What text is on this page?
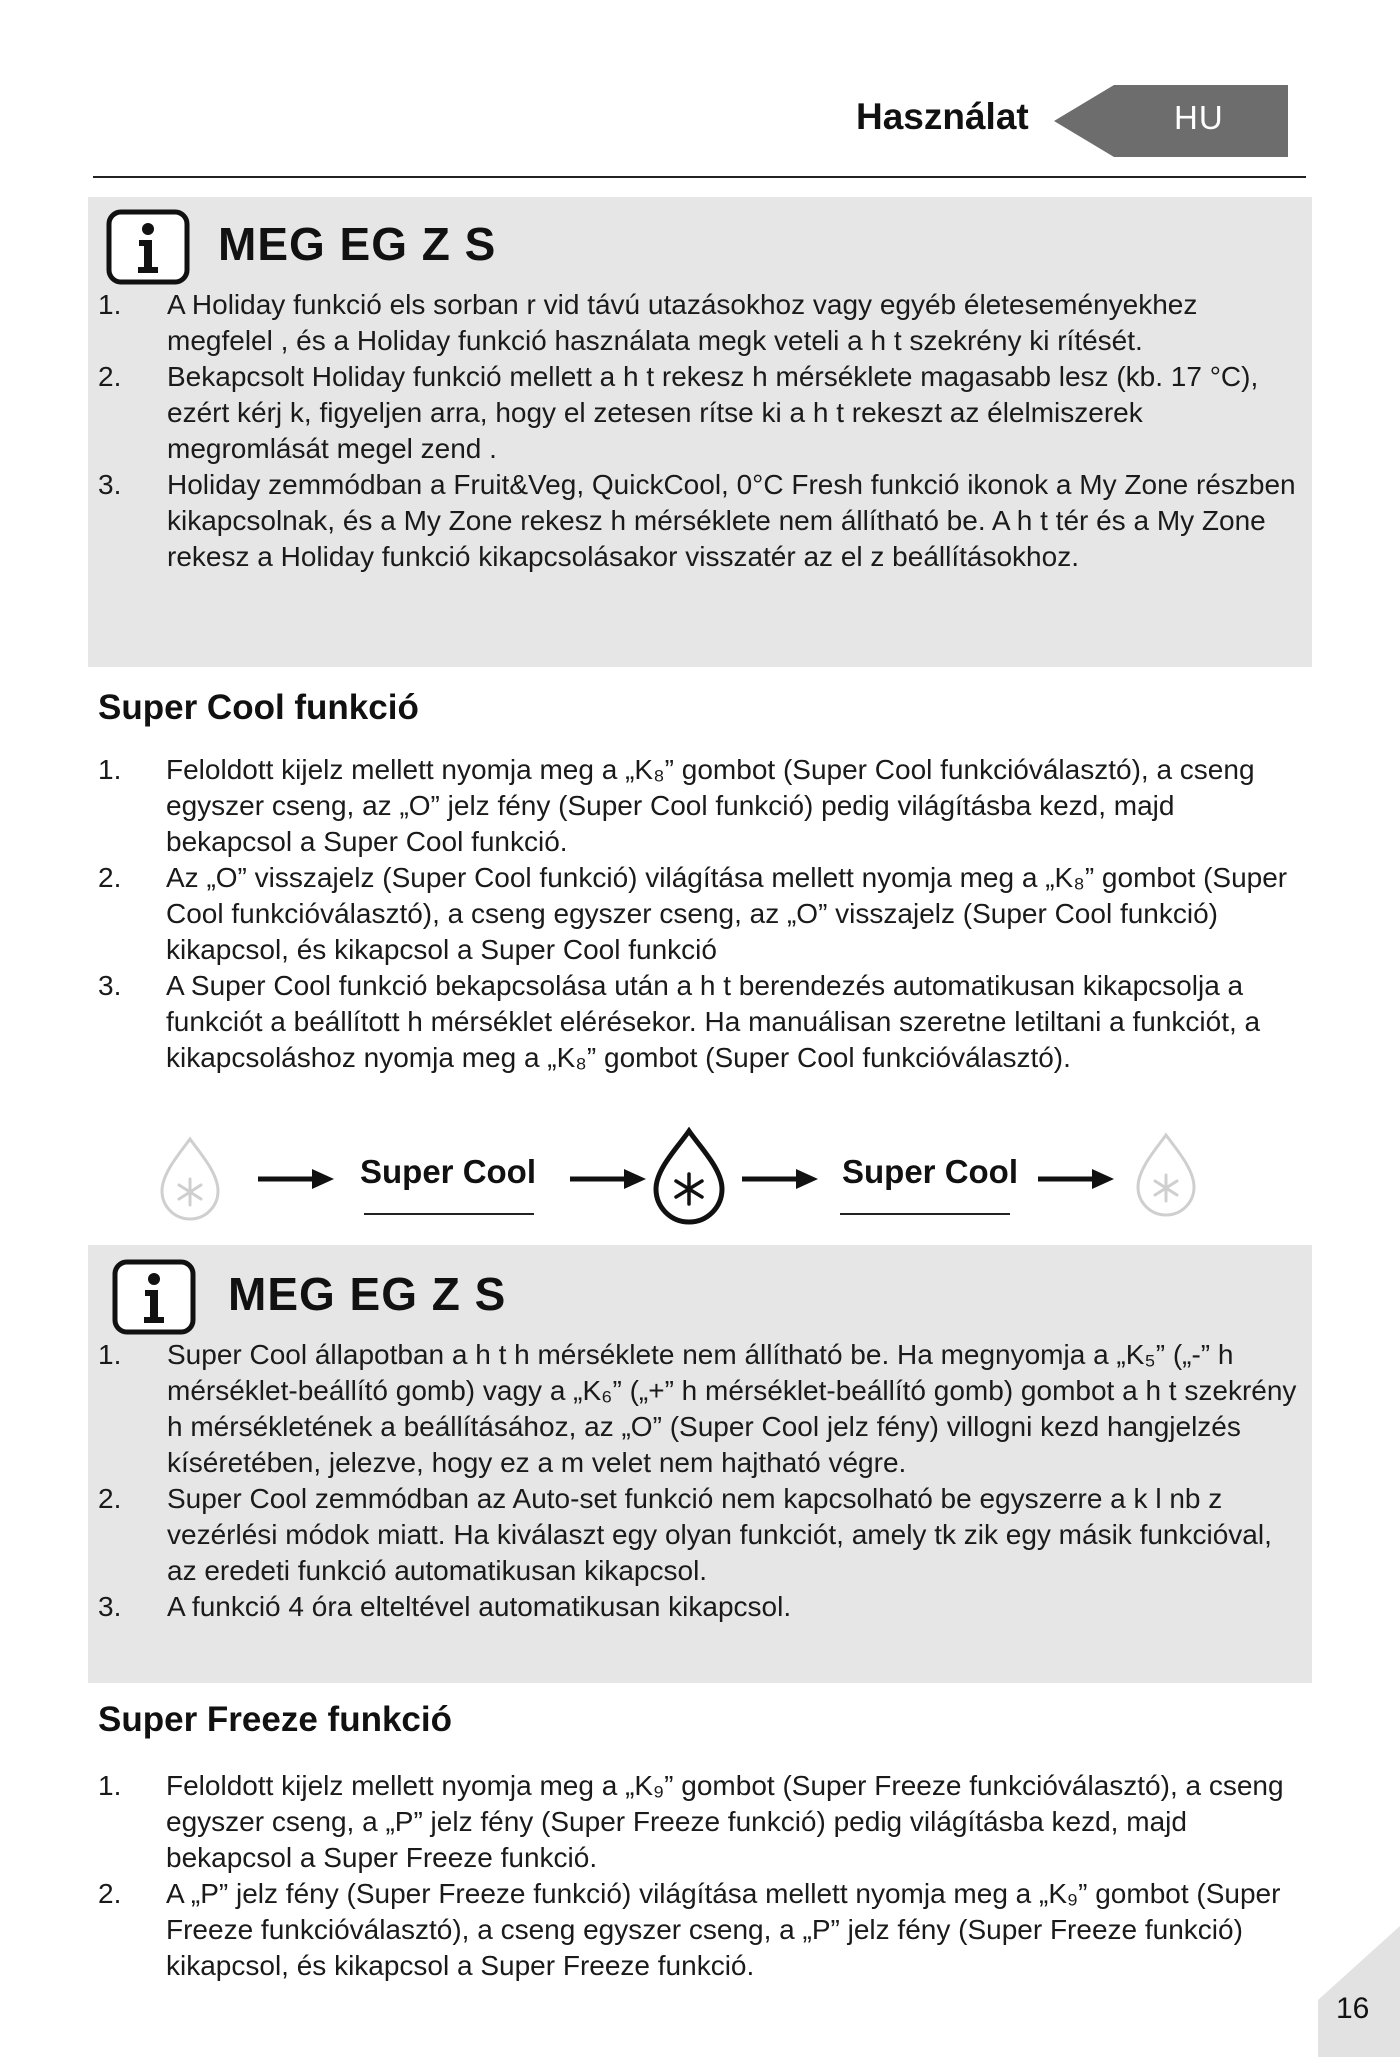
Használat	HU
MEG EG Z S
1. A Holiday funkció els sorban r vid távú utazásokhoz vagy egyéb életeseményekhez megfelel , és a Holiday funkció használata megk veteli a h t szekrény ki rítését.
2. Bekapcsolt Holiday funkció mellett a h t rekesz h mérséklete magasabb lesz (kb. 17 °C), ezért kérj k, figyeljen arra, hogy el zetesen rítse ki a h t rekeszt az élelmiszerek megromlását megel zend .
3. Holiday zemmódban a Fruit&Veg, QuickCool, 0°C Fresh funkció ikonok a My Zone részben kikapcsolnak, és a My Zone rekesz h mérséklete nem állítható be. A h t tér és a My Zone rekesz a Holiday funkció kikapcsolásakor visszatér az el z beállításokhoz.
Super Cool funkció
1. Feloldott kijelz mellett nyomja meg a „K₈” gombot (Super Cool funkcióválasztó), a cseng egyszer cseng, az „O” jelz fény (Super Cool funkció) pedig világításba kezd, majd bekapcsol a Super Cool funkció.
2. Az „O” visszajelz (Super Cool funkció) világítása mellett nyomja meg a „K₈” gombot (Super Cool funkcióválasztó), a cseng egyszer cseng, az „O” visszajelz (Super Cool funkció) kikapcsol, és kikapcsol a Super Cool funkció
3. A Super Cool funkció bekapcsolása után a h t berendezés automatikusan kikapcsolja a funkciót a beállított h mérséklet elérésekor. Ha manuálisan szeretne letiltani a funkciót, a kikapcsoláshoz nyomja meg a „K₈” gombot (Super Cool funkcióválasztó).
Super Cool	Super Cool
MEG EG Z S
1. Super Cool állapotban a h t h mérséklete nem állítható be. Ha megnyomja a „K₅” („-” h mérséklet-beállító gomb) vagy a „K₆” („+” h mérséklet-beállító gomb) gombot a h t szekrény h mérsékletének a beállításához, az „O” (Super Cool jelz fény) villogni kezd hangjelzés kíséretében, jelezve, hogy ez a m velet nem hajtható végre.
2. Super Cool zemmódban az Auto-set funkció nem kapcsolható be egyszerre a k l nb z vezérlési módok miatt. Ha kiválaszt egy olyan funkciót, amely tk zik egy másik funkcióval, az eredeti funkció automatikusan kikapcsol.
3. A funkció 4 óra elteltével automatikusan kikapcsol.
Super Freeze funkció
1. Feloldott kijelz mellett nyomja meg a „K₉” gombot (Super Freeze funkcióválasztó), a cseng egyszer cseng, a „P” jelz fény (Super Freeze funkció) pedig világításba kezd, majd bekapcsol a Super Freeze funkció.
2. A „P” jelz fény (Super Freeze funkció) világítása mellett nyomja meg a „K₉” gombot (Super Freeze funkcióválasztó), a cseng egyszer cseng, a „P” jelz fény (Super Freeze funkció) kikapcsol, és kikapcsol a Super Freeze funkció.
16
